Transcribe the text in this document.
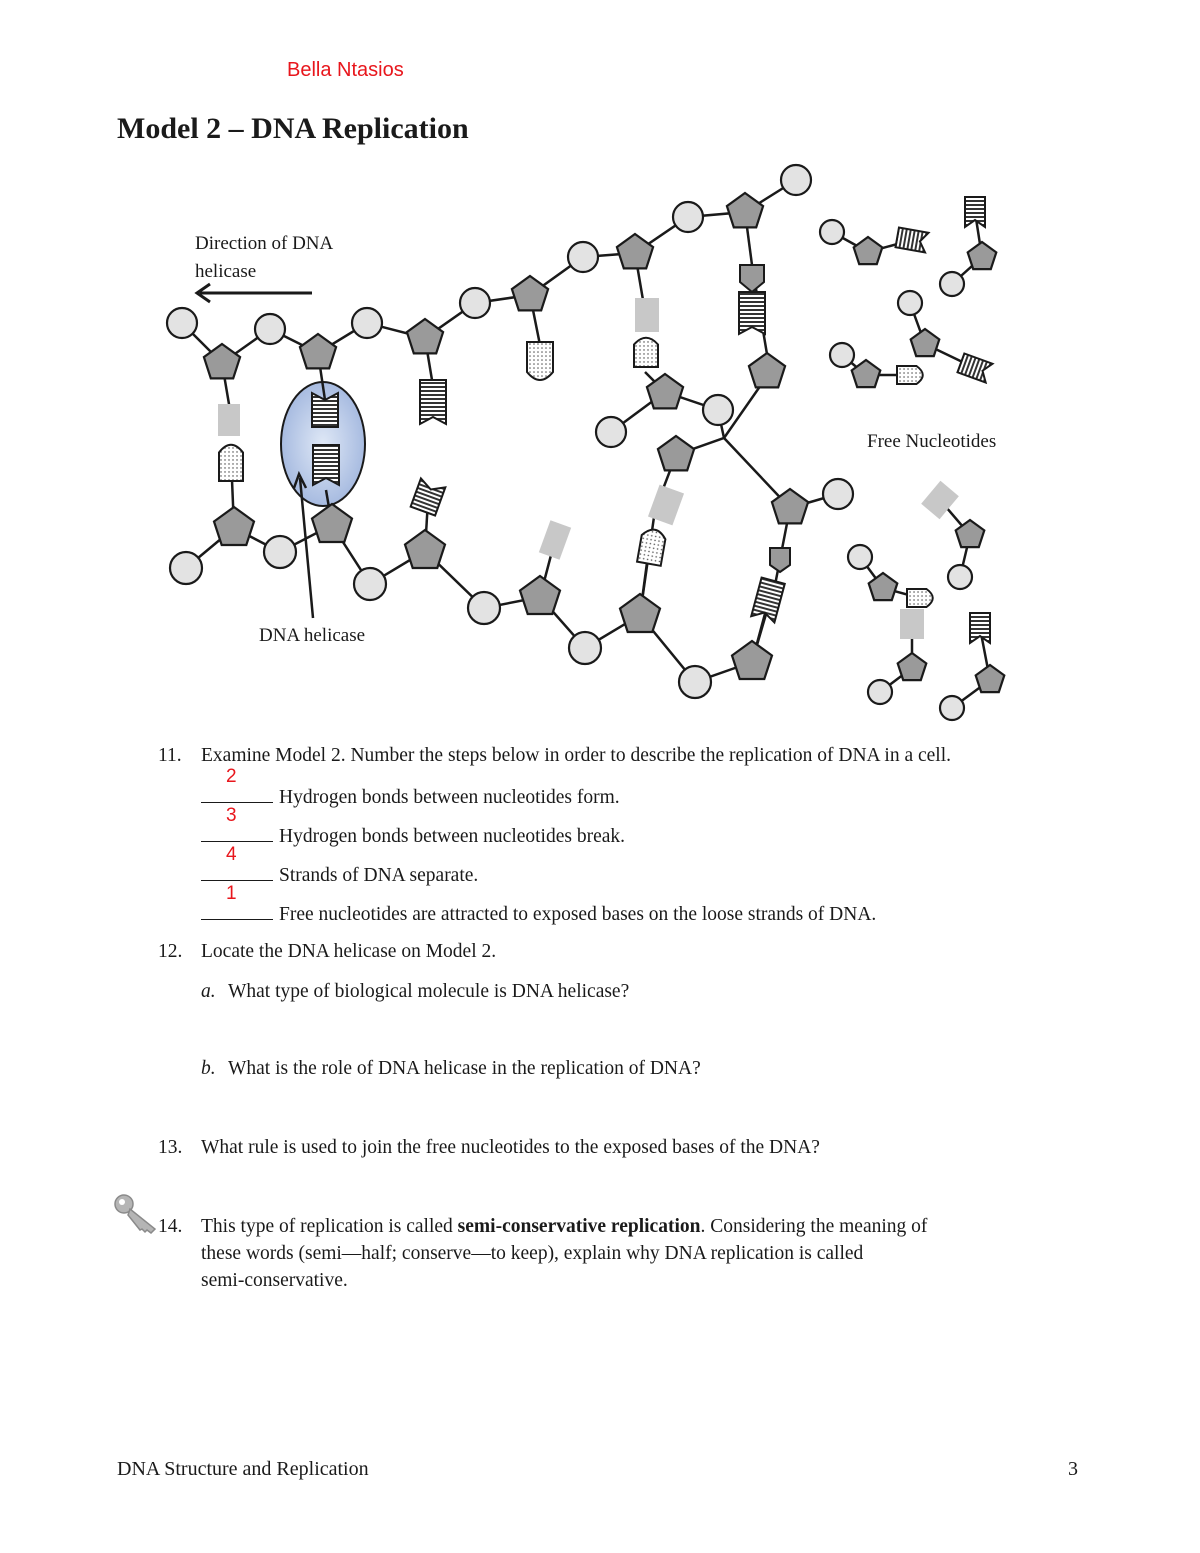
Bella Ntasios
Model 2 – DNA Replication
Direction of DNA
helicase
Free Nucleotides
DNA helicase
11. Examine Model 2. Number the steps below in order to describe the replication of DNA in a cell.
2
Hydrogen bonds between nucleotides form.
3
Hydrogen bonds between nucleotides break.
4
Strands of DNA separate.
1
Free nucleotides are attracted to exposed bases on the loose strands of DNA.
12. Locate the DNA helicase on Model 2.
a. What type of biological molecule is DNA helicase?
b. What is the role of DNA helicase in the replication of DNA?
13. What rule is used to join the free nucleotides to the exposed bases of the DNA?
14. This type of replication is called semi-conservative replication. Considering the meaning of
these words (semi—half; conserve—to keep), explain why DNA replication is called
semi-conservative.
DNA Structure and Replication	3
